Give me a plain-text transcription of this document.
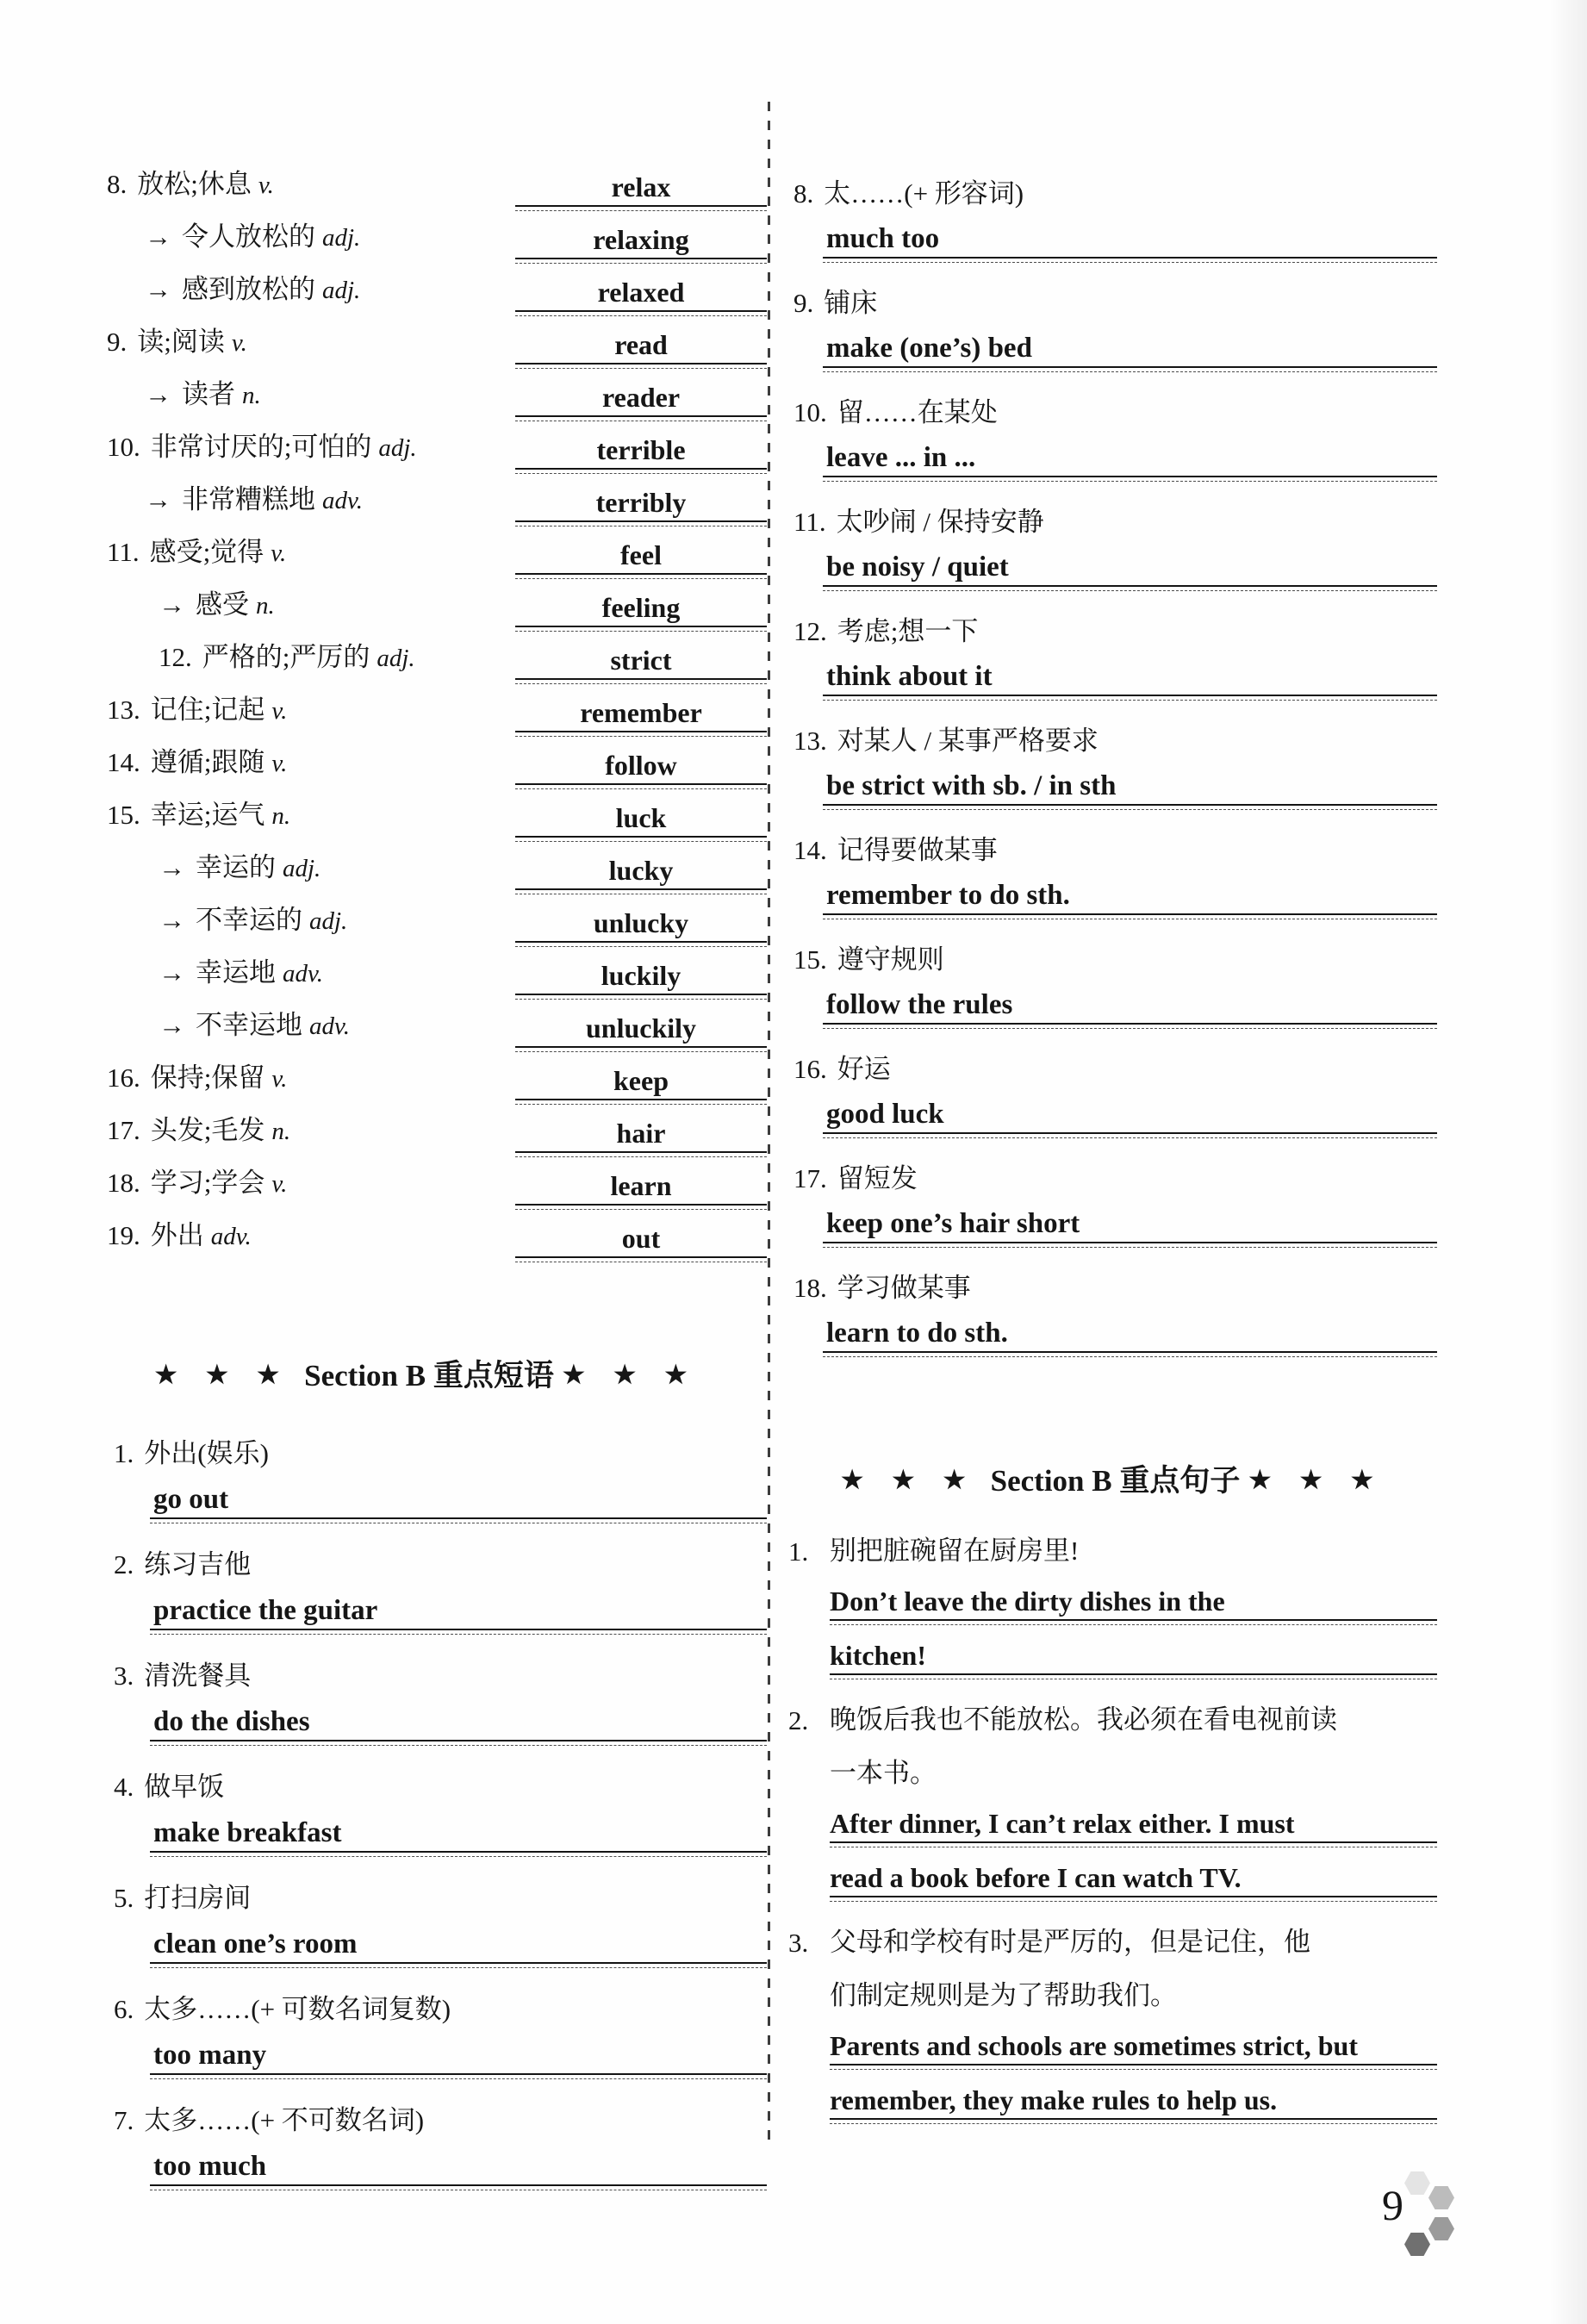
8. 放松;休息 v.	relax
→ 令人放松的 adj.	relaxing
→ 感到放松的 adj.	relaxed
9. 读;阅读 v.	read
→ 读者 n.	reader
10. 非常讨厌的;可怕的 adj.	terrible
→ 非常糟糕地 adv.	terribly
11. 感受;觉得 v.	feel
→ 感受 n.	feeling
12. 严格的;严厉的 adj.	strict
13. 记住;记起 v.	remember
14. 遵循;跟随 v.	follow
15. 幸运;运气 n.	luck
→ 幸运的 adj.	lucky
→ 不幸运的 adj.	unlucky
→ 幸运地 adv.	luckily
→ 不幸运地 adv.	unluckily
16. 保持;保留 v.	keep
17. 头发;毛发 n.	hair
18. 学习;学会 v.	learn
19. 外出 adv.	out
★ ★ ★ Section B 重点短语 ★ ★ ★
1. 外出(娱乐)
go out
2. 练习吉他
practice the guitar
3. 清洗餐具
do the dishes
4. 做早饭
make breakfast
5. 打扫房间
clean one’s room
6. 太多……(+ 可数名词复数)
too many
7. 太多……(+ 不可数名词)
too much
8. 太……(+ 形容词)
much too
9. 铺床
make (one’s) bed
10. 留……在某处
leave ... in ...
11. 太吵闹 / 保持安静
be noisy / quiet
12. 考虑;想一下
think about it
13. 对某人 / 某事严格要求
be strict with sb. / in sth
14. 记得要做某事
remember to do sth.
15. 遵守规则
follow the rules
16. 好运
good luck
17. 留短发
keep one’s hair short
18. 学习做某事
learn to do sth.
★ ★ ★ Section B 重点句子 ★ ★ ★
1. 别把脏碗留在厨房里!
Don’t leave the dirty dishes in the
kitchen!
2. 晚饭后我也不能放松。我必须在看电视前读
一本书。
After dinner, I can’t relax either. I must
read a book before I can watch TV.
3. 父母和学校有时是严厉的，但是记住，他
们制定规则是为了帮助我们。
Parents and schools are sometimes strict, but
remember, they make rules to help us.
9
